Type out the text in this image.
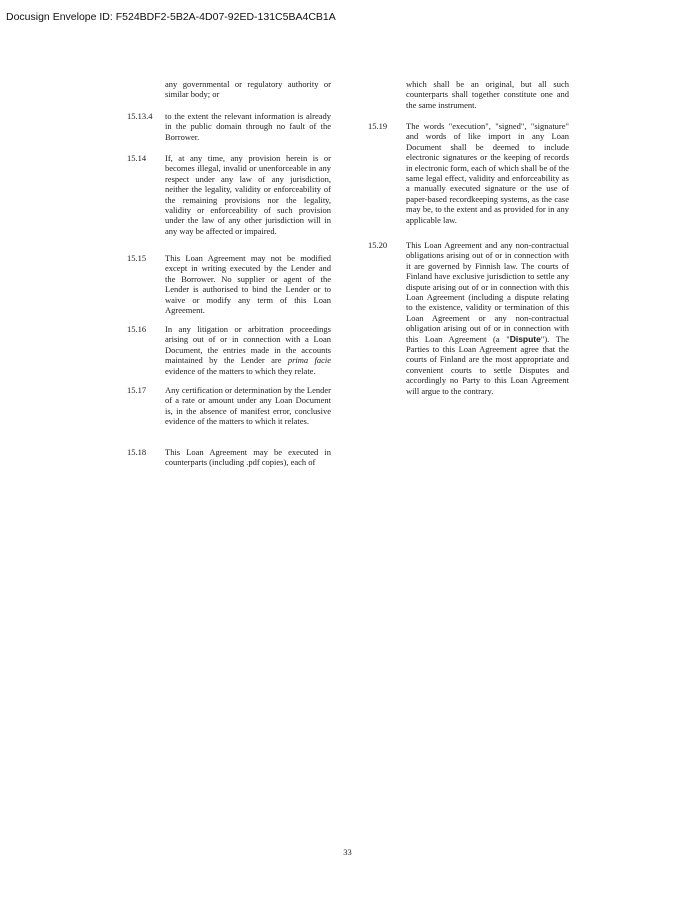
Docusign Envelope ID: F524BDF2-5B2A-4D07-92ED-131C5BA4CB1A
any governmental or regulatory authority or similar body; or
15.13.4	to the extent the relevant information is already in the public domain through no fault of the Borrower.
15.14	If, at any time, any provision herein is or becomes illegal, invalid or unenforceable in any respect under any law of any jurisdiction, neither the legality, validity or enforceability of the remaining provisions nor the legality, validity or enforceability of such provision under the law of any other jurisdiction will in any way be affected or impaired.
15.15	This Loan Agreement may not be modified except in writing executed by the Lender and the Borrower. No supplier or agent of the Lender is authorised to bind the Lender or to waive or modify any term of this Loan Agreement.
15.16	In any litigation or arbitration proceedings arising out of or in connection with a Loan Document, the entries made in the accounts maintained by the Lender are prima facie evidence of the matters to which they relate.
15.17	Any certification or determination by the Lender of a rate or amount under any Loan Document is, in the absence of manifest error, conclusive evidence of the matters to which it relates.
15.18	This Loan Agreement may be executed in counterparts (including .pdf copies), each of
which shall be an original, but all such counterparts shall together constitute one and the same instrument.
15.19	The words "execution", "signed", "signature" and words of like import in any Loan Document shall be deemed to include electronic signatures or the keeping of records in electronic form, each of which shall be of the same legal effect, validity and enforceability as a manually executed signature or the use of paper-based recordkeeping systems, as the case may be, to the extent and as provided for in any applicable law.
15.20	This Loan Agreement and any non-contractual obligations arising out of or in connection with it are governed by Finnish law. The courts of Finland have exclusive jurisdiction to settle any dispute arising out of or in connection with this Loan Agreement (including a dispute relating to the existence, validity or termination of this Loan Agreement or any non-contractual obligation arising out of or in connection with this Loan Agreement (a "Dispute"). The Parties to this Loan Agreement agree that the courts of Finland are the most appropriate and convenient courts to settle Disputes and accordingly no Party to this Loan Agreement will argue to the contrary.
33
